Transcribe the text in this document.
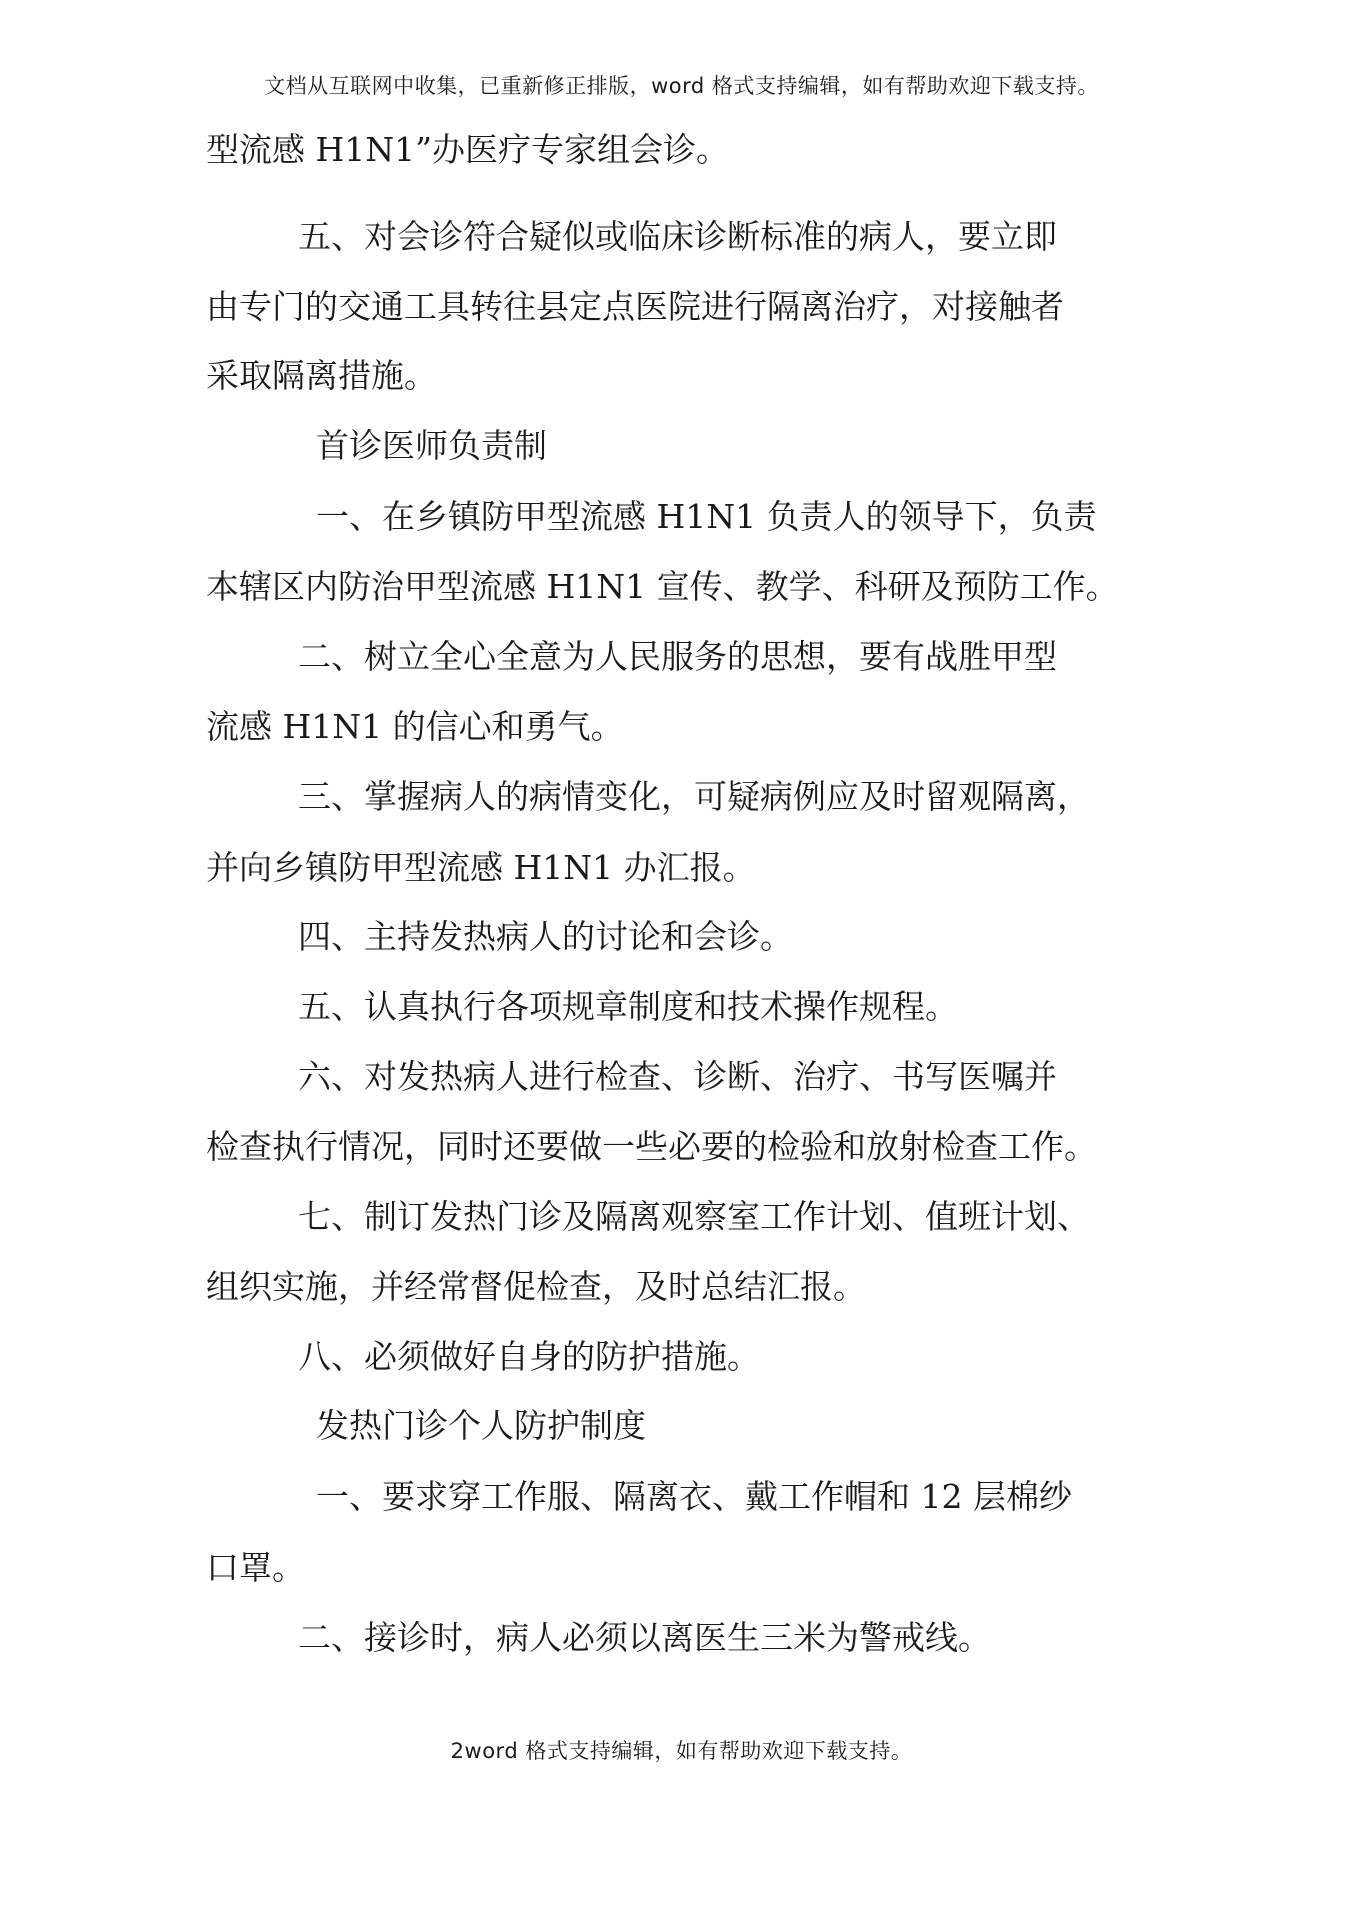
文档从互联网中收集，已重新修正排版，word 格式支持编辑，如有帮助欢迎下载支持。
型流感 H1N1”办医疗专家组会诊。
五、对会诊符合疑似或临床诊断标准的病人，要立即
由专门的交通工具转往县定点医院进行隔离治疗，对接触者
采取隔离措施。
首诊医师负责制
一、在乡镇防甲型流感 H1N1 负责人的领导下，负责
本辖区内防治甲型流感 H1N1 宣传、教学、科研及预防工作。
二、树立全心全意为人民服务的思想，要有战胜甲型
流感 H1N1 的信心和勇气。
三、掌握病人的病情变化，可疑病例应及时留观隔离，
并向乡镇防甲型流感 H1N1 办汇报。
四、主持发热病人的讨论和会诊。
五、认真执行各项规章制度和技术操作规程。
六、对发热病人进行检查、诊断、治疗、书写医嘱并
检查执行情况，同时还要做一些必要的检验和放射检查工作。
七、制订发热门诊及隔离观察室工作计划、值班计划、
组织实施，并经常督促检查，及时总结汇报。
八、必须做好自身的防护措施。
发热门诊个人防护制度
一、要求穿工作服、隔离衣、戴工作帽和 12 层棉纱
口罩。
二、接诊时，病人必须以离医生三米为警戒线。
2word 格式支持编辑，如有帮助欢迎下载支持。
